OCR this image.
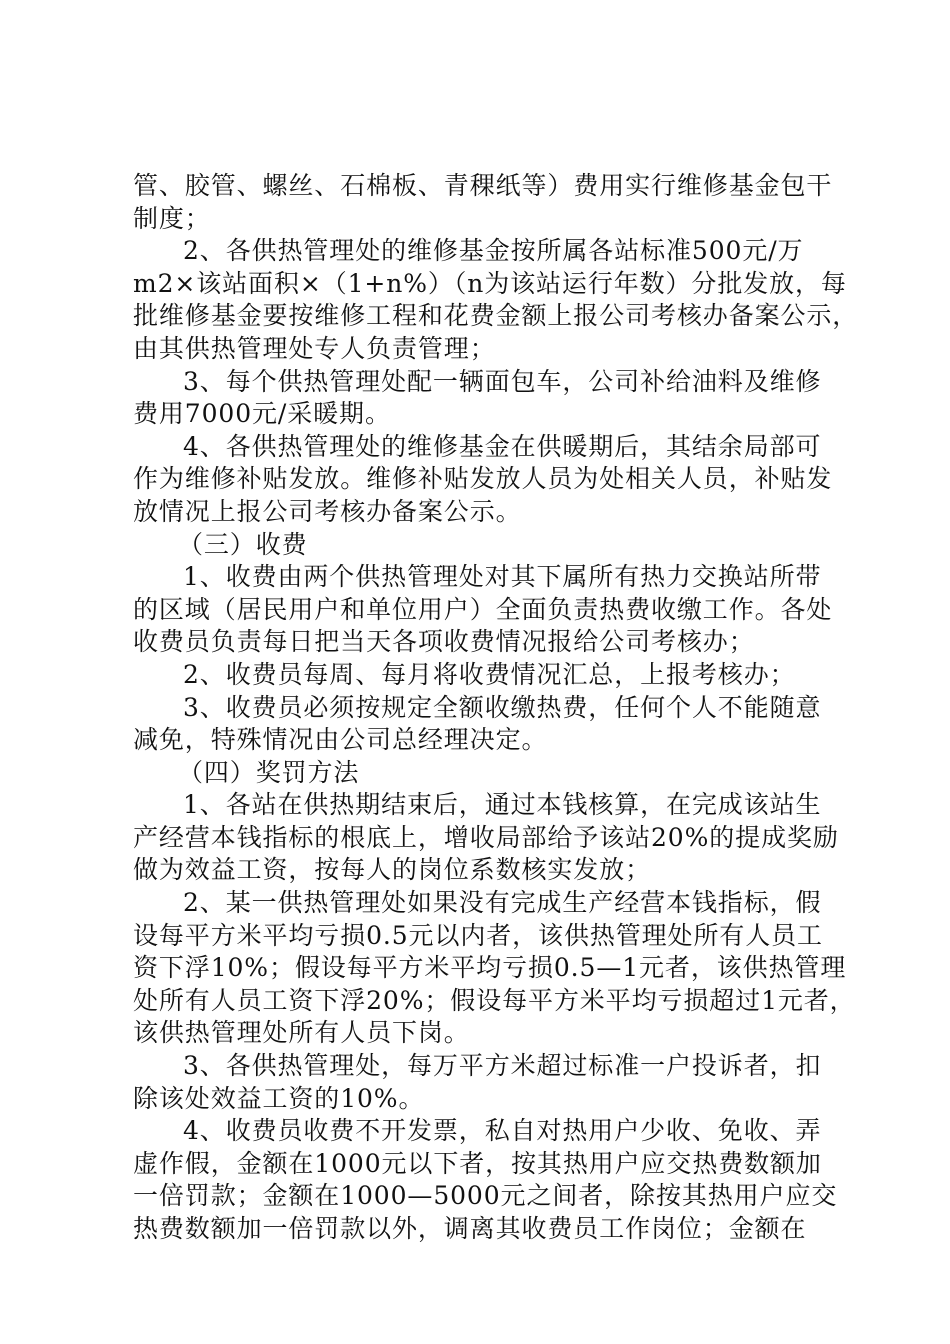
管、胶管、螺丝、石棉板、青稞纸等）费用实行维修基金包干
制度；
2、各供热管理处的维修基金按所属各站标准500元/万
m2×该站面积×（1+n%）（n为该站运行年数）分批发放，每
批维修基金要按维修工程和花费金额上报公司考核办备案公示，
由其供热管理处专人负责管理；
3、每个供热管理处配一辆面包车，公司补给油料及维修
费用7000元/采暖期。
4、各供热管理处的维修基金在供暖期后，其结余局部可
作为维修补贴发放。维修补贴发放人员为处相关人员，补贴发
放情况上报公司考核办备案公示。
（三）收费
1、收费由两个供热管理处对其下属所有热力交换站所带
的区域（居民用户和单位用户）全面负责热费收缴工作。各处
收费员负责每日把当天各项收费情况报给公司考核办；
2、收费员每周、每月将收费情况汇总，上报考核办；
3、收费员必须按规定全额收缴热费，任何个人不能随意
减免，特殊情况由公司总经理决定。
（四）奖罚方法
1、各站在供热期结束后，通过本钱核算，在完成该站生
产经营本钱指标的根底上，增收局部给予该站20%的提成奖励
做为效益工资，按每人的岗位系数核实发放；
2、某一供热管理处如果没有完成生产经营本钱指标，假
设每平方米平均亏损0.5元以内者，该供热管理处所有人员工
资下浮10%；假设每平方米平均亏损0.5—1元者，该供热管理
处所有人员工资下浮20%；假设每平方米平均亏损超过1元者，
该供热管理处所有人员下岗。
3、各供热管理处，每万平方米超过标准一户投诉者，扣
除该处效益工资的10%。
4、收费员收费不开发票，私自对热用户少收、免收、弄
虚作假，金额在1000元以下者，按其热用户应交热费数额加
一倍罚款；金额在1000—5000元之间者，除按其热用户应交
热费数额加一倍罚款以外，调离其收费员工作岗位；金额在
